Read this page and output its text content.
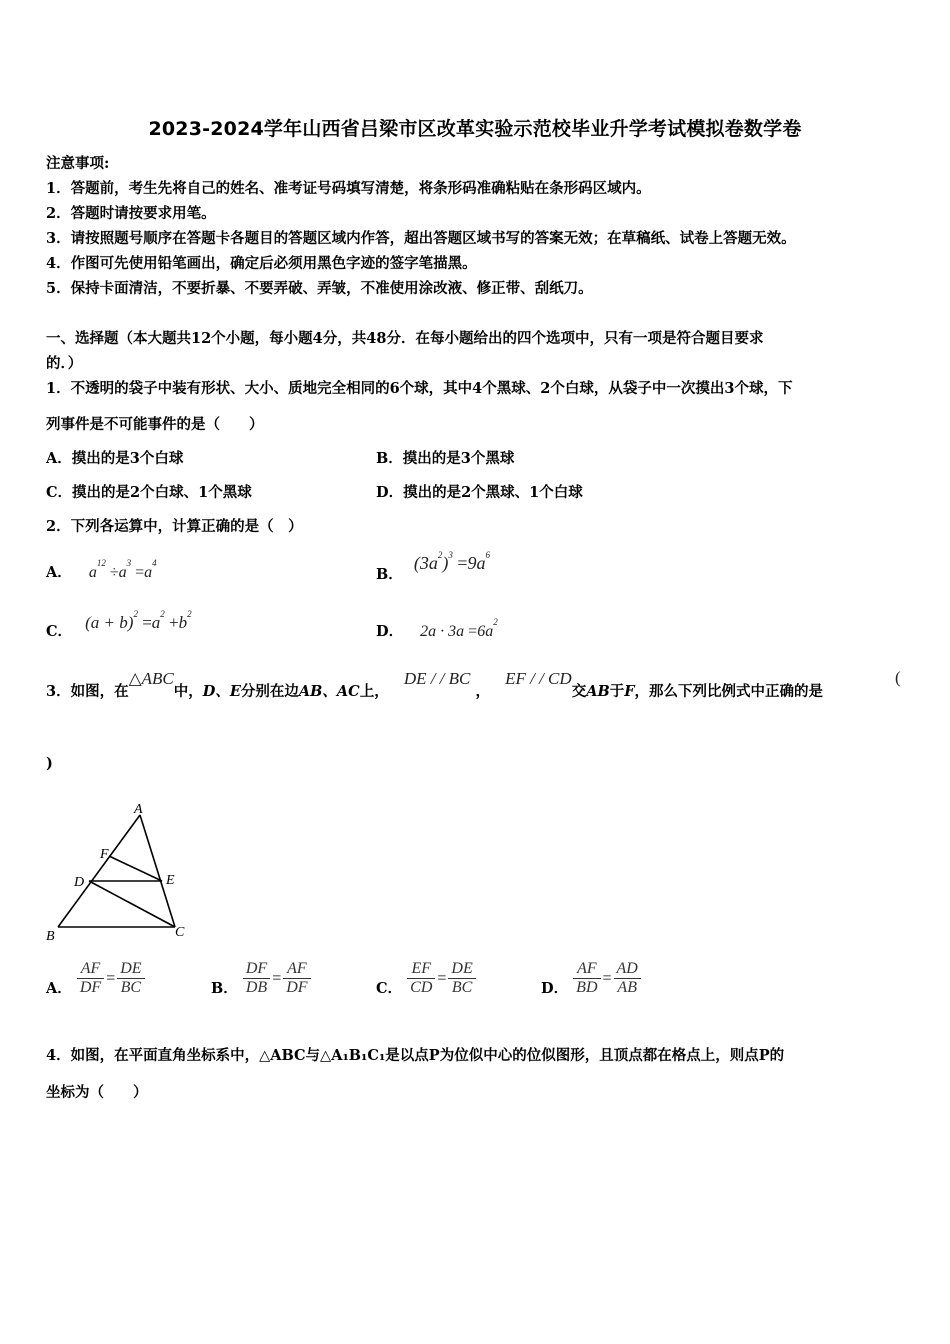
2023-2024学年山西省吕梁市区改革实验示范校毕业升学考试模拟卷数学卷
注意事项:
1．答题前，考生先将自己的姓名、准考证号码填写清楚，将条形码准确粘贴在条形码区域内。
2．答题时请按要求用笔。
3．请按照题号顺序在答题卡各题目的答题区域内作答，超出答题区域书写的答案无效；在草稿纸、试卷上答题无效。
4．作图可先使用铅笔画出，确定后必须用黑色字迹的签字笔描黑。
5．保持卡面清洁，不要折暴、不要弄破、弄皱，不准使用涂改液、修正带、刮纸刀。
一、选择题（本大题共12个小题，每小题4分，共48分．在每小题给出的四个选项中，只有一项是符合题目要求
的．）
1．不透明的袋子中装有形状、大小、质地完全相同的6个球，其中4个黑球、2个白球，从袋子中一次摸出3个球，下
列事件是不可能事件的是（　　）
A．摸出的是3个白球	B．摸出的是3个黑球
C．摸出的是2个白球、1个黑球	D．摸出的是2个黑球、1个白球
2．下列各运算中，计算正确的是（　）
A． $a^{12} \div a^3 =a^4$
B． $(3a^2)^3 =9a^6$
C． $(a + b)^2 =a^2 +b^2$
D． $2a \cdot 3a =6a^2$
3．如图，在△ABC中，D、E分别在边AB、AC上， DE / / BC ， EF / / CD交AB于F，那么下列比例式中正确的是
(
)
A
B	C
D	E
F
A． $\frac{AF}{DF} = \frac{DE}{BC}$	B． $\frac{DF}{DB} = \frac{AF}{DF}$	C． $\frac{EF}{CD} = \frac{DE}{BC}$	D． $\frac{AF}{BD} = \frac{AD}{AB}$
4．如图，在平面直角坐标系中，△ABC与△A₁B₁C₁是以点P为位似中心的位似图形，且顶点都在格点上，则点P的
坐标为（　　）
